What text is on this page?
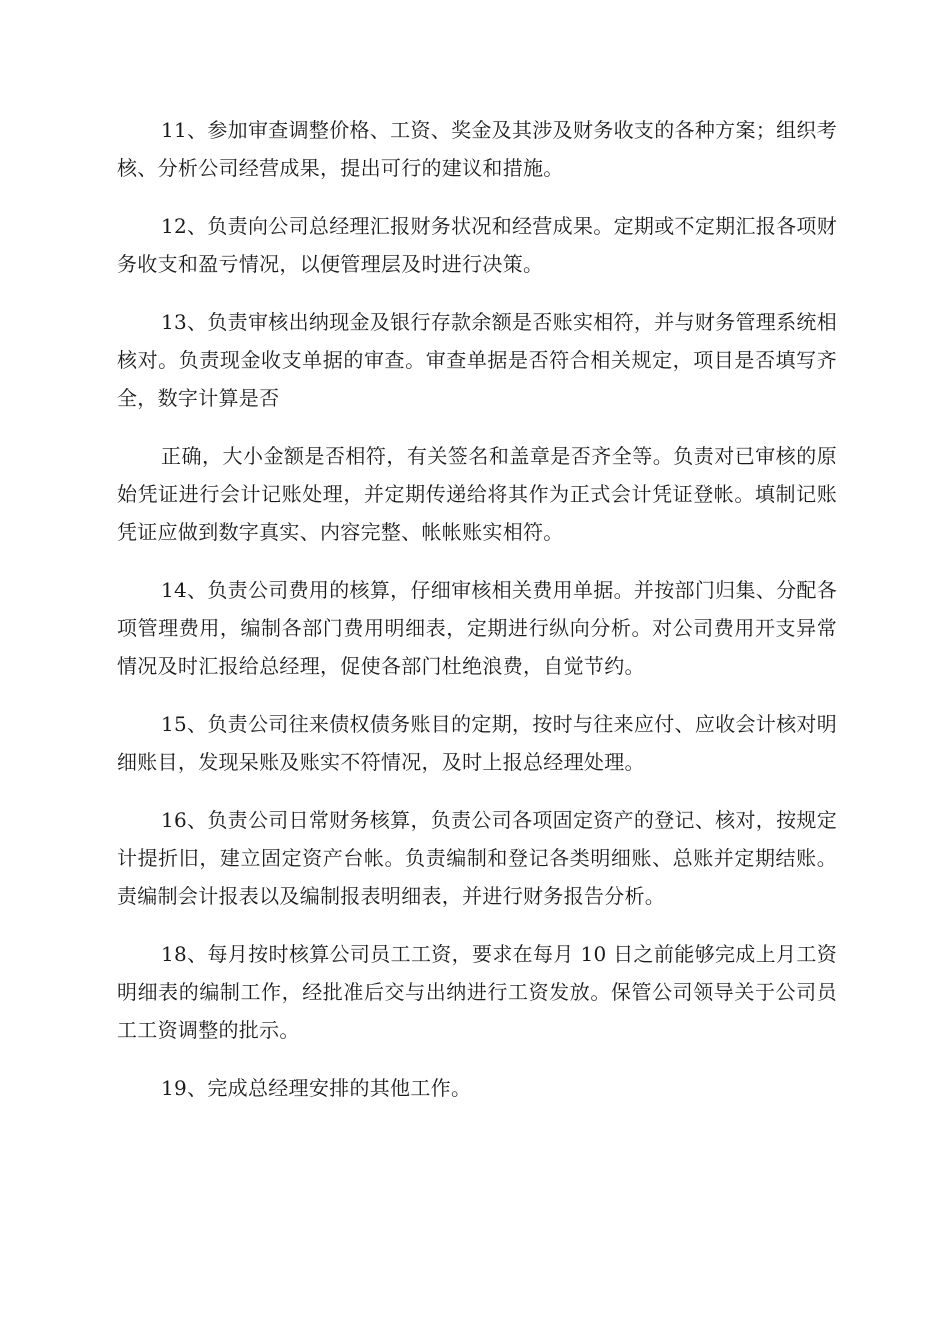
11、参加审查调整价格、工资、奖金及其涉及财务收支的各种方案；组织考核、分析公司经营成果，提出可行的建议和措施。

12、负责向公司总经理汇报财务状况和经营成果。定期或不定期汇报各项财务收支和盈亏情况，以便管理层及时进行决策。

13、负责审核出纳现金及银行存款余额是否账实相符，并与财务管理系统相核对。负责现金收支单据的审查。审查单据是否符合相关规定，项目是否填写齐全，数字计算是否

正确，大小金额是否相符，有关签名和盖章是否齐全等。负责对已审核的原始凭证进行会计记账处理，并定期传递给将其作为正式会计凭证登帐。填制记账凭证应做到数字真实、内容完整、帐帐账实相符。

14、负责公司费用的核算，仔细审核相关费用单据。并按部门归集、分配各项管理费用，编制各部门费用明细表，定期进行纵向分析。对公司费用开支异常情况及时汇报给总经理，促使各部门杜绝浪费，自觉节约。

15、负责公司往来债权债务账目的定期，按时与往来应付、应收会计核对明细账目，发现呆账及账实不符情况，及时上报总经理处理。

16、负责公司日常财务核算，负责公司各项固定资产的登记、核对，按规定计提折旧，建立固定资产台帐。负责编制和登记各类明细账、总账并定期结账。责编制会计报表以及编制报表明细表，并进行财务报告分析。

18、每月按时核算公司员工工资，要求在每月 10 日之前能够完成上月工资明细表的编制工作，经批准后交与出纳进行工资发放。保管公司领导关于公司员工工资调整的批示。

19、完成总经理安排的其他工作。
